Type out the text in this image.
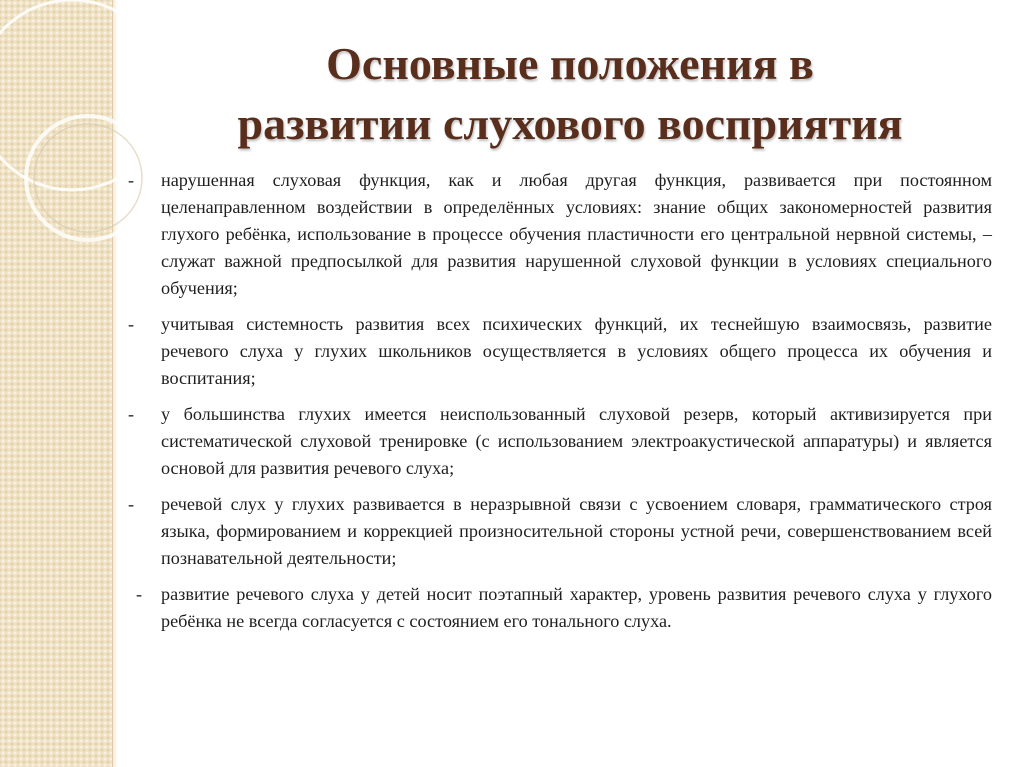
Основные положения в
развитии слухового восприятия

- нарушенная слуховая функция, как и любая другая функция, развивается при постоянном целенаправленном воздействии в определённых условиях: знание общих закономерностей развития глухого ребёнка, использование в процессе обучения пластичности его центральной нервной системы, – служат важной предпосылкой для развития нарушенной слуховой функции в условиях специального обучения;

- учитывая системность развития всех психических функций, их теснейшую взаимосвязь, развитие речевого слуха у глухих школьников осуществляется в условиях общего процесса их обучения и воспитания;

- у большинства глухих имеется неиспользованный слуховой резерв, который активизируется при систематической слуховой тренировке (с использованием электроакустической аппаратуры) и является основой для развития речевого слуха;

- речевой слух у глухих развивается в неразрывной связи с усвоением словаря, грамматического строя языка, формированием и коррекцией произносительной стороны устной речи, совершенствованием всей познавательной деятельности;

- развитие речевого слуха у детей носит поэтапный характер, уровень развития речевого слуха у глухого ребёнка не всегда согласуется с состоянием его тонального слуха.
